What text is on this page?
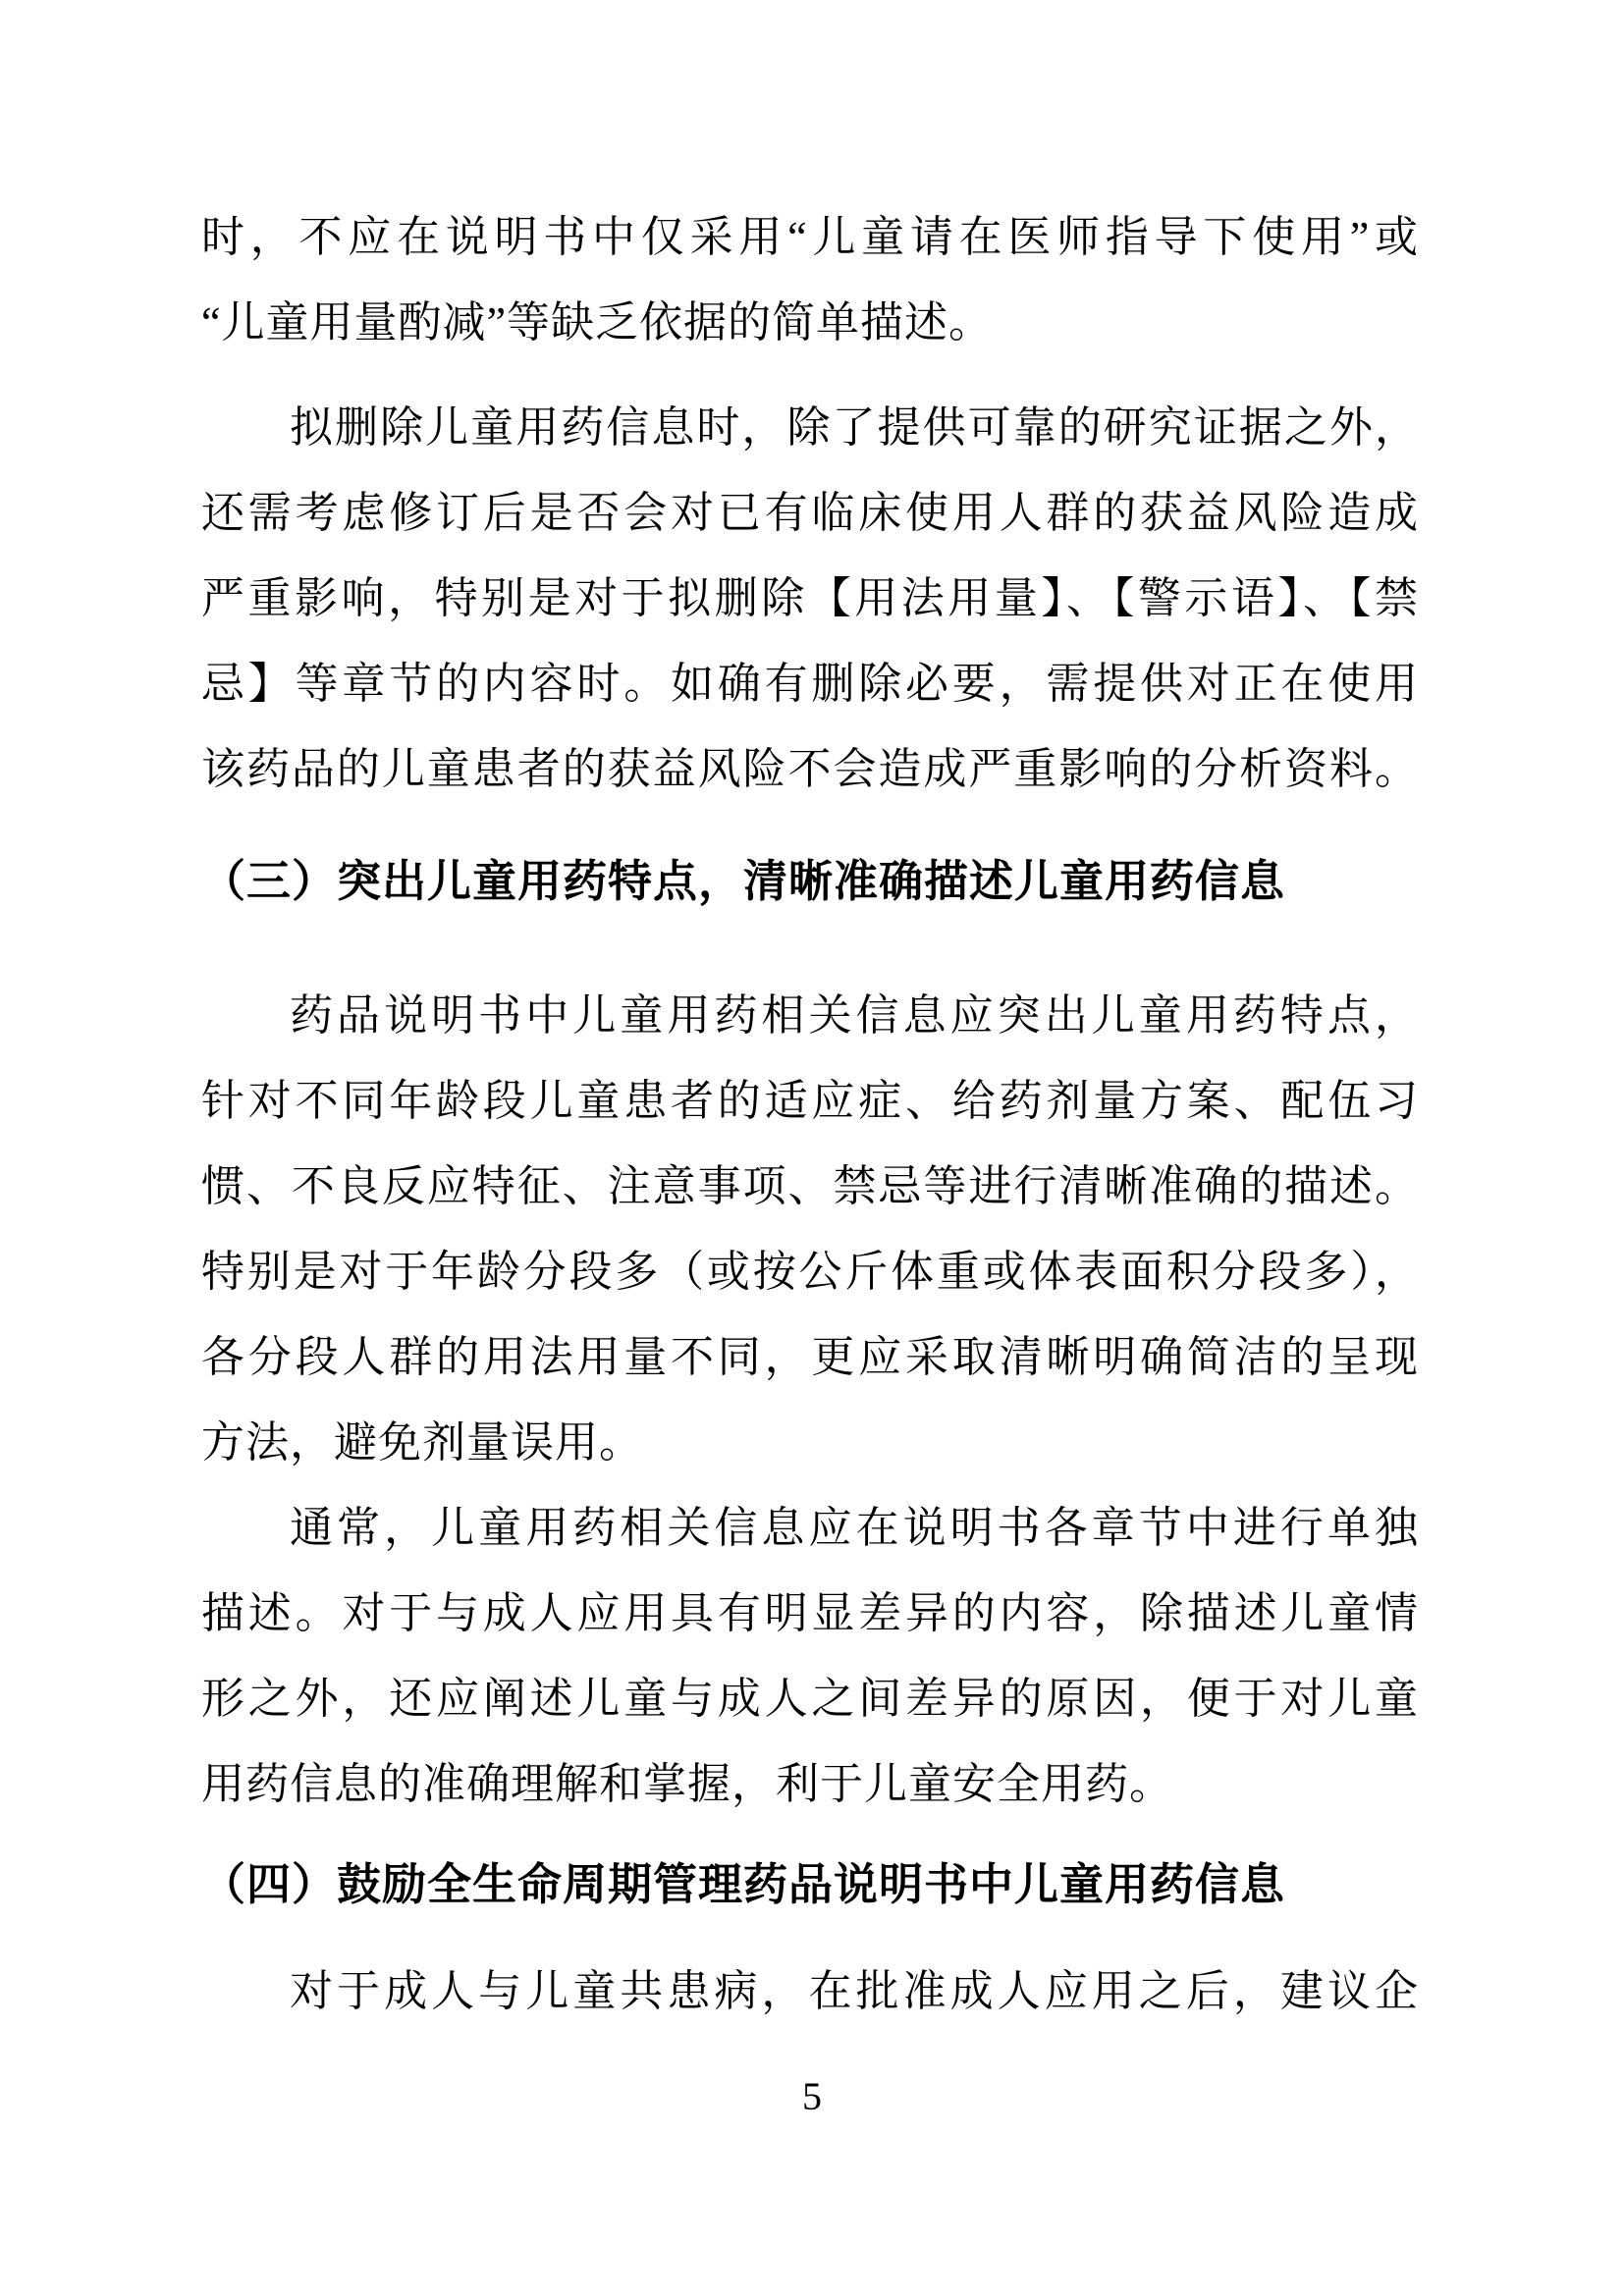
时，不应在说明书中仅采用“儿童请在医师指导下使用”或
“儿童用量酌减”等缺乏依据的简单描述。
拟删除儿童用药信息时，除了提供可靠的研究证据之外，
还需考虑修订后是否会对已有临床使用人群的获益风险造成
严重影响，特别是对于拟删除【用法用量】、【警示语】、【禁
忌】等章节的内容时。如确有删除必要，需提供对正在使用
该药品的儿童患者的获益风险不会造成严重影响的分析资料。
（三）突出儿童用药特点，清晰准确描述儿童用药信息
药品说明书中儿童用药相关信息应突出儿童用药特点，
针对不同年龄段儿童患者的适应症、给药剂量方案、配伍习
惯、不良反应特征、注意事项、禁忌等进行清晰准确的描述。
特别是对于年龄分段多（或按公斤体重或体表面积分段多），
各分段人群的用法用量不同，更应采取清晰明确简洁的呈现
方法，避免剂量误用。
通常，儿童用药相关信息应在说明书各章节中进行单独
描述。对于与成人应用具有明显差异的内容，除描述儿童情
形之外，还应阐述儿童与成人之间差异的原因，便于对儿童
用药信息的准确理解和掌握，利于儿童安全用药。
（四）鼓励全生命周期管理药品说明书中儿童用药信息
对于成人与儿童共患病，在批准成人应用之后，建议企
5
